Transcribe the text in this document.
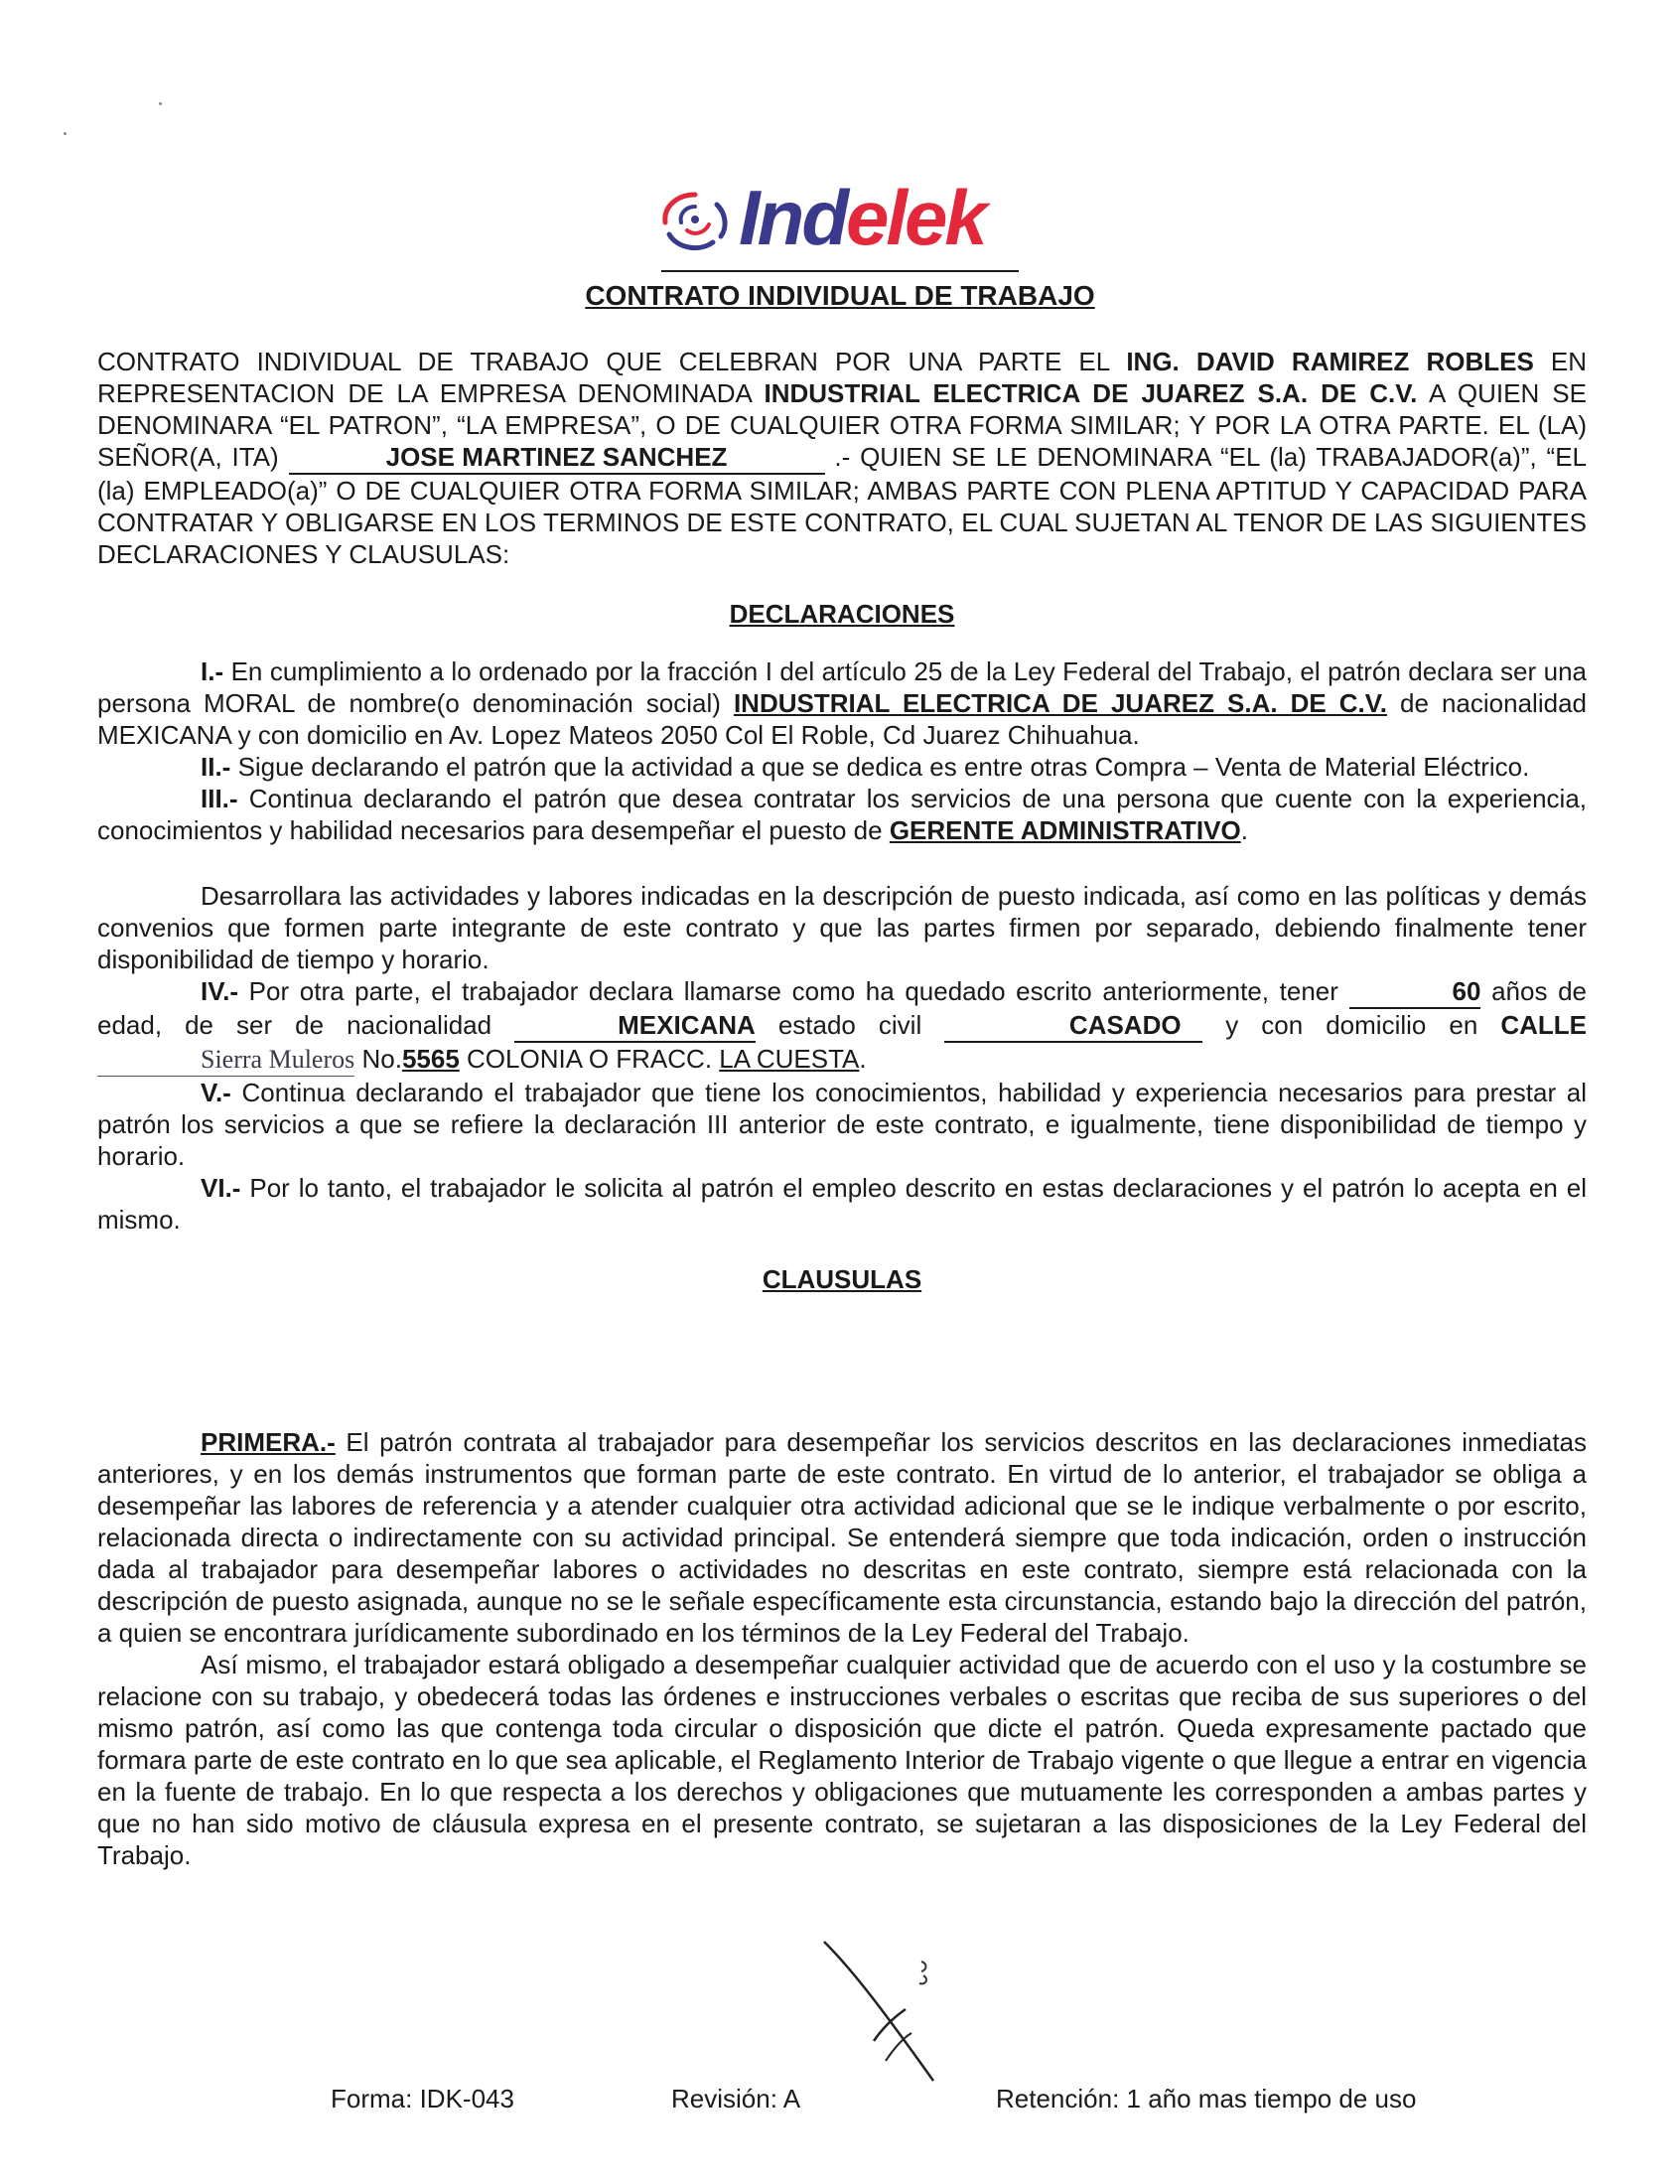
Indelek
CONTRATO INDIVIDUAL DE TRABAJO

CONTRATO INDIVIDUAL DE TRABAJO QUE CELEBRAN POR UNA PARTE EL ING. DAVID RAMIREZ ROBLES EN REPRESENTACION DE LA EMPRESA DENOMINADA INDUSTRIAL ELECTRICA DE JUAREZ S.A. DE C.V. A QUIEN SE DENOMINARA “EL PATRON”, “LA EMPRESA”, O DE CUALQUIER OTRA FORMA SIMILAR; Y POR LA OTRA PARTE. EL (LA) SEÑOR(A, ITA)	JOSE MARTINEZ SANCHEZ	.- QUIEN SE LE DENOMINARA “EL (la) TRABAJADOR(a)”, “EL (la) EMPLEADO(a)” O DE CUALQUIER OTRA FORMA SIMILAR; AMBAS PARTE CON PLENA APTITUD Y CAPACIDAD PARA CONTRATAR Y OBLIGARSE EN LOS TERMINOS DE ESTE CONTRATO, EL CUAL SUJETAN AL TENOR DE LAS SIGUIENTES DECLARACIONES Y CLAUSULAS:

DECLARACIONES

I.- En cumplimiento a lo ordenado por la fracción I del artículo 25 de la Ley Federal del Trabajo, el patrón declara ser una persona MORAL de nombre(o denominación social) INDUSTRIAL ELECTRICA DE JUAREZ S.A. DE C.V. de nacionalidad MEXICANA y con domicilio en Av. Lopez Mateos 2050 Col El Roble, Cd Juarez Chihuahua.

II.- Sigue declarando el patrón que la actividad a que se dedica es entre otras Compra – Venta de Material Eléctrico.

III.- Continua declarando el patrón que desea contratar los servicios de una persona que cuente con la experiencia, conocimientos y habilidad necesarios para desempeñar el puesto de GERENTE ADMINISTRATIVO.

Desarrollara las actividades y labores indicadas en la descripción de puesto indicada, así como en las políticas y demás convenios que formen parte integrante de este contrato y que las partes firmen por separado, debiendo finalmente tener disponibilidad de tiempo y horario.

IV.- Por otra parte, el trabajador declara llamarse como ha quedado escrito anteriormente, tener	60 años de edad, de ser de nacionalidad	MEXICANA estado civil	CASADO y con domicilio en CALLE Sierra Muleros No.5565 COLONIA O FRACC. LA CUESTA.

V.- Continua declarando el trabajador que tiene los conocimientos, habilidad y experiencia necesarios para prestar al patrón los servicios a que se refiere la declaración III anterior de este contrato, e igualmente, tiene disponibilidad de tiempo y horario.

VI.- Por lo tanto, el trabajador le solicita al patrón el empleo descrito en estas declaraciones y el patrón lo acepta en el mismo.

CLAUSULAS

PRIMERA.- El patrón contrata al trabajador para desempeñar los servicios descritos en las declaraciones inmediatas anteriores, y en los demás instrumentos que forman parte de este contrato. En virtud de lo anterior, el trabajador se obliga a desempeñar las labores de referencia y a atender cualquier otra actividad adicional que se le indique verbalmente o por escrito, relacionada directa o indirectamente con su actividad principal. Se entenderá siempre que toda indicación, orden o instrucción dada al trabajador para desempeñar labores o actividades no descritas en este contrato, siempre está relacionada con la descripción de puesto asignada, aunque no se le señale específicamente esta circunstancia, estando bajo la dirección del patrón, a quien se encontrara jurídicamente subordinado en los términos de la Ley Federal del Trabajo.

Así mismo, el trabajador estará obligado a desempeñar cualquier actividad que de acuerdo con el uso y la costumbre se relacione con su trabajo, y obedecerá todas las órdenes e instrucciones verbales o escritas que reciba de sus superiores o del mismo patrón, así como las que contenga toda circular o disposición que dicte el patrón. Queda expresamente pactado que formara parte de este contrato en lo que sea aplicable, el Reglamento Interior de Trabajo vigente o que llegue a entrar en vigencia en la fuente de trabajo. En lo que respecta a los derechos y obligaciones que mutuamente les corresponden a ambas partes y que no han sido motivo de cláusula expresa en el presente contrato, se sujetaran a las disposiciones de la Ley Federal del Trabajo.

Forma: IDK-043	Revisión: A	Retención: 1 año mas tiempo de uso
